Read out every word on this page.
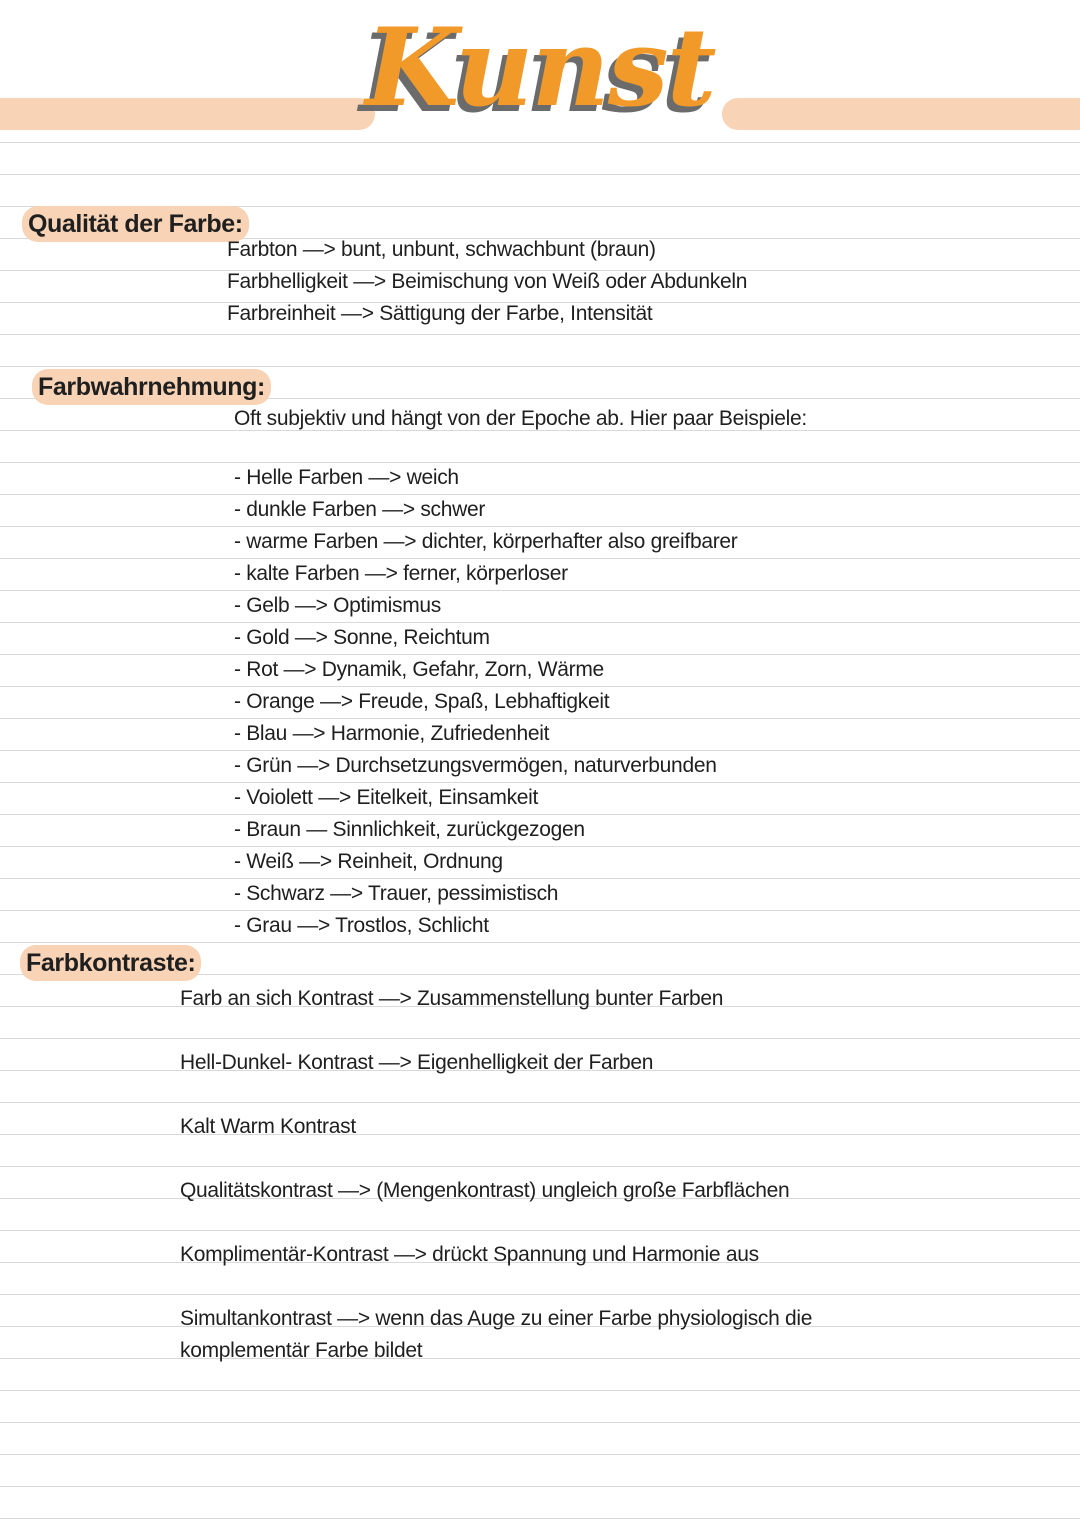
Kunst
Qualität der Farbe:
Farbton —> bunt, unbunt, schwachbunt (braun)
Farbhelligkeit —> Beimischung von Weiß oder Abdunkeln
Farbreinheit —> Sättigung der Farbe, Intensität
Farbwahrnehmung:
Oft subjektiv und hängt von der Epoche ab. Hier paar Beispiele:
- Helle Farben —> weich
- dunkle Farben —> schwer
- warme Farben —> dichter, körperhafter also greifbarer
- kalte Farben —> ferner, körperloser
- Gelb —> Optimismus
- Gold —> Sonne, Reichtum
- Rot —> Dynamik, Gefahr, Zorn, Wärme
- Orange —> Freude, Spaß, Lebhaftigkeit
- Blau —> Harmonie, Zufriedenheit
- Grün —> Durchsetzungsvermögen, naturverbunden
- Voiolett —> Eitelkeit, Einsamkeit
- Braun — Sinnlichkeit, zurückgezogen
- Weiß —> Reinheit, Ordnung
- Schwarz —> Trauer, pessimistisch
- Grau —> Trostlos, Schlicht
Farbkontraste:
Farb an sich Kontrast —> Zusammenstellung bunter Farben
Hell-Dunkel- Kontrast —> Eigenhelligkeit der Farben
Kalt Warm Kontrast
Qualitätskontrast —> (Mengenkontrast) ungleich große Farbflächen
Komplimentär-Kontrast —> drückt Spannung und Harmonie aus
Simultankontrast —> wenn das Auge zu einer Farbe physiologisch die
komplementär Farbe bildet
